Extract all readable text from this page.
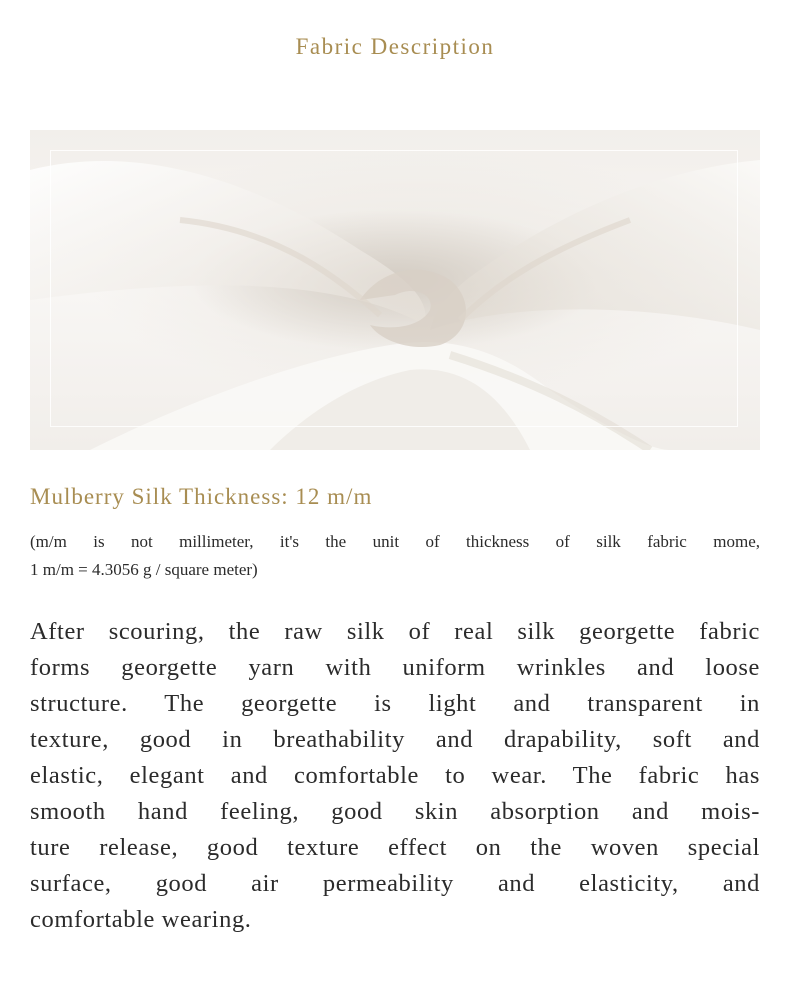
Fabric Description
Mulberry Silk Thickness: 12 m/m
(m/m is not millimeter, it's the unit of thickness of silk fabric mome,
1 m/m = 4.3056 g / square meter)
After scouring, the raw silk of real silk georgette fabric
forms georgette yarn with uniform wrinkles and loose
structure. The georgette is light and transparent in
texture, good in breathability and drapability, soft and
elastic, elegant and comfortable to wear. The fabric has
smooth hand feeling, good skin absorption and mois-
ture release, good texture effect on the woven special
surface, good air permeability and elasticity, and
comfortable wearing.
